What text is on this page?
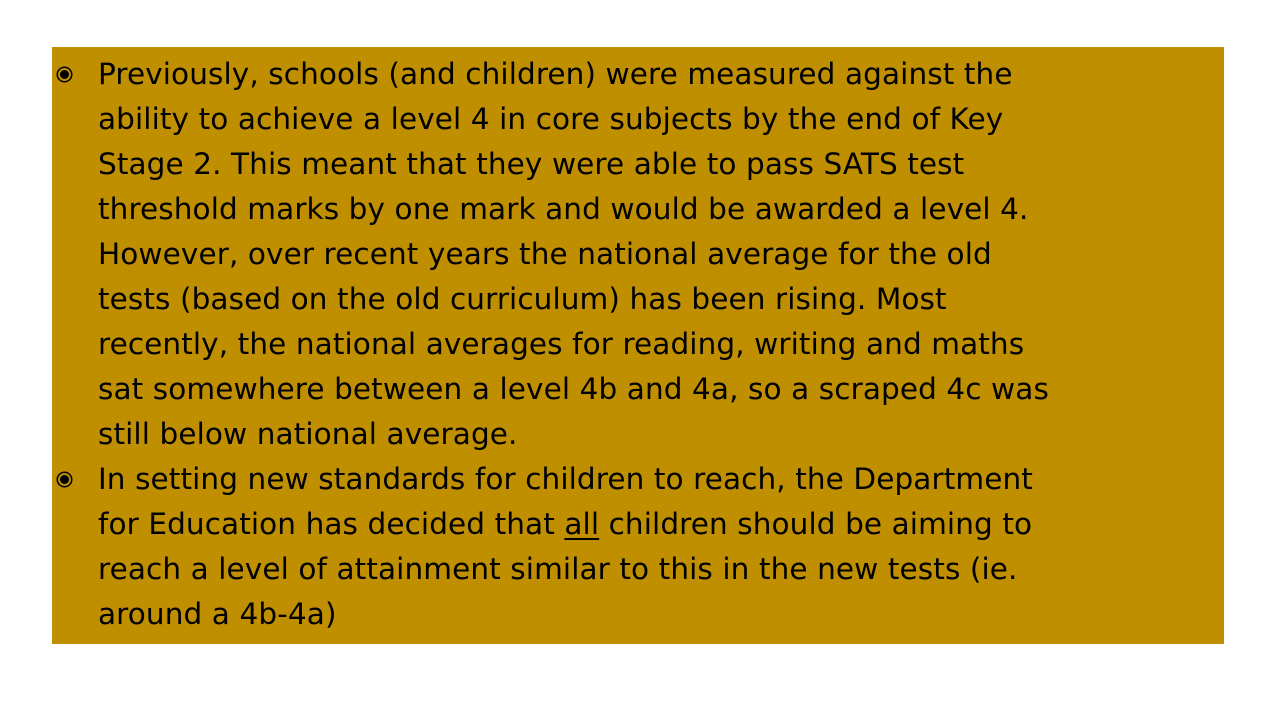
Previously, schools (and children) were measured against the
ability to achieve a level 4 in core subjects by the end of Key
Stage 2. This meant that they were able to pass SATS test
threshold marks by one mark and would be awarded a level 4.
However, over recent years the national average for the old
tests (based on the old curriculum) has been rising. Most
recently, the national averages for reading, writing and maths
sat somewhere between a level 4b and 4a, so a scraped 4c was
still below national average.
In setting new standards for children to reach, the Department
for Education has decided that all children should be aiming to
reach a level of attainment similar to this in the new tests (ie.
around a 4b-4a)
